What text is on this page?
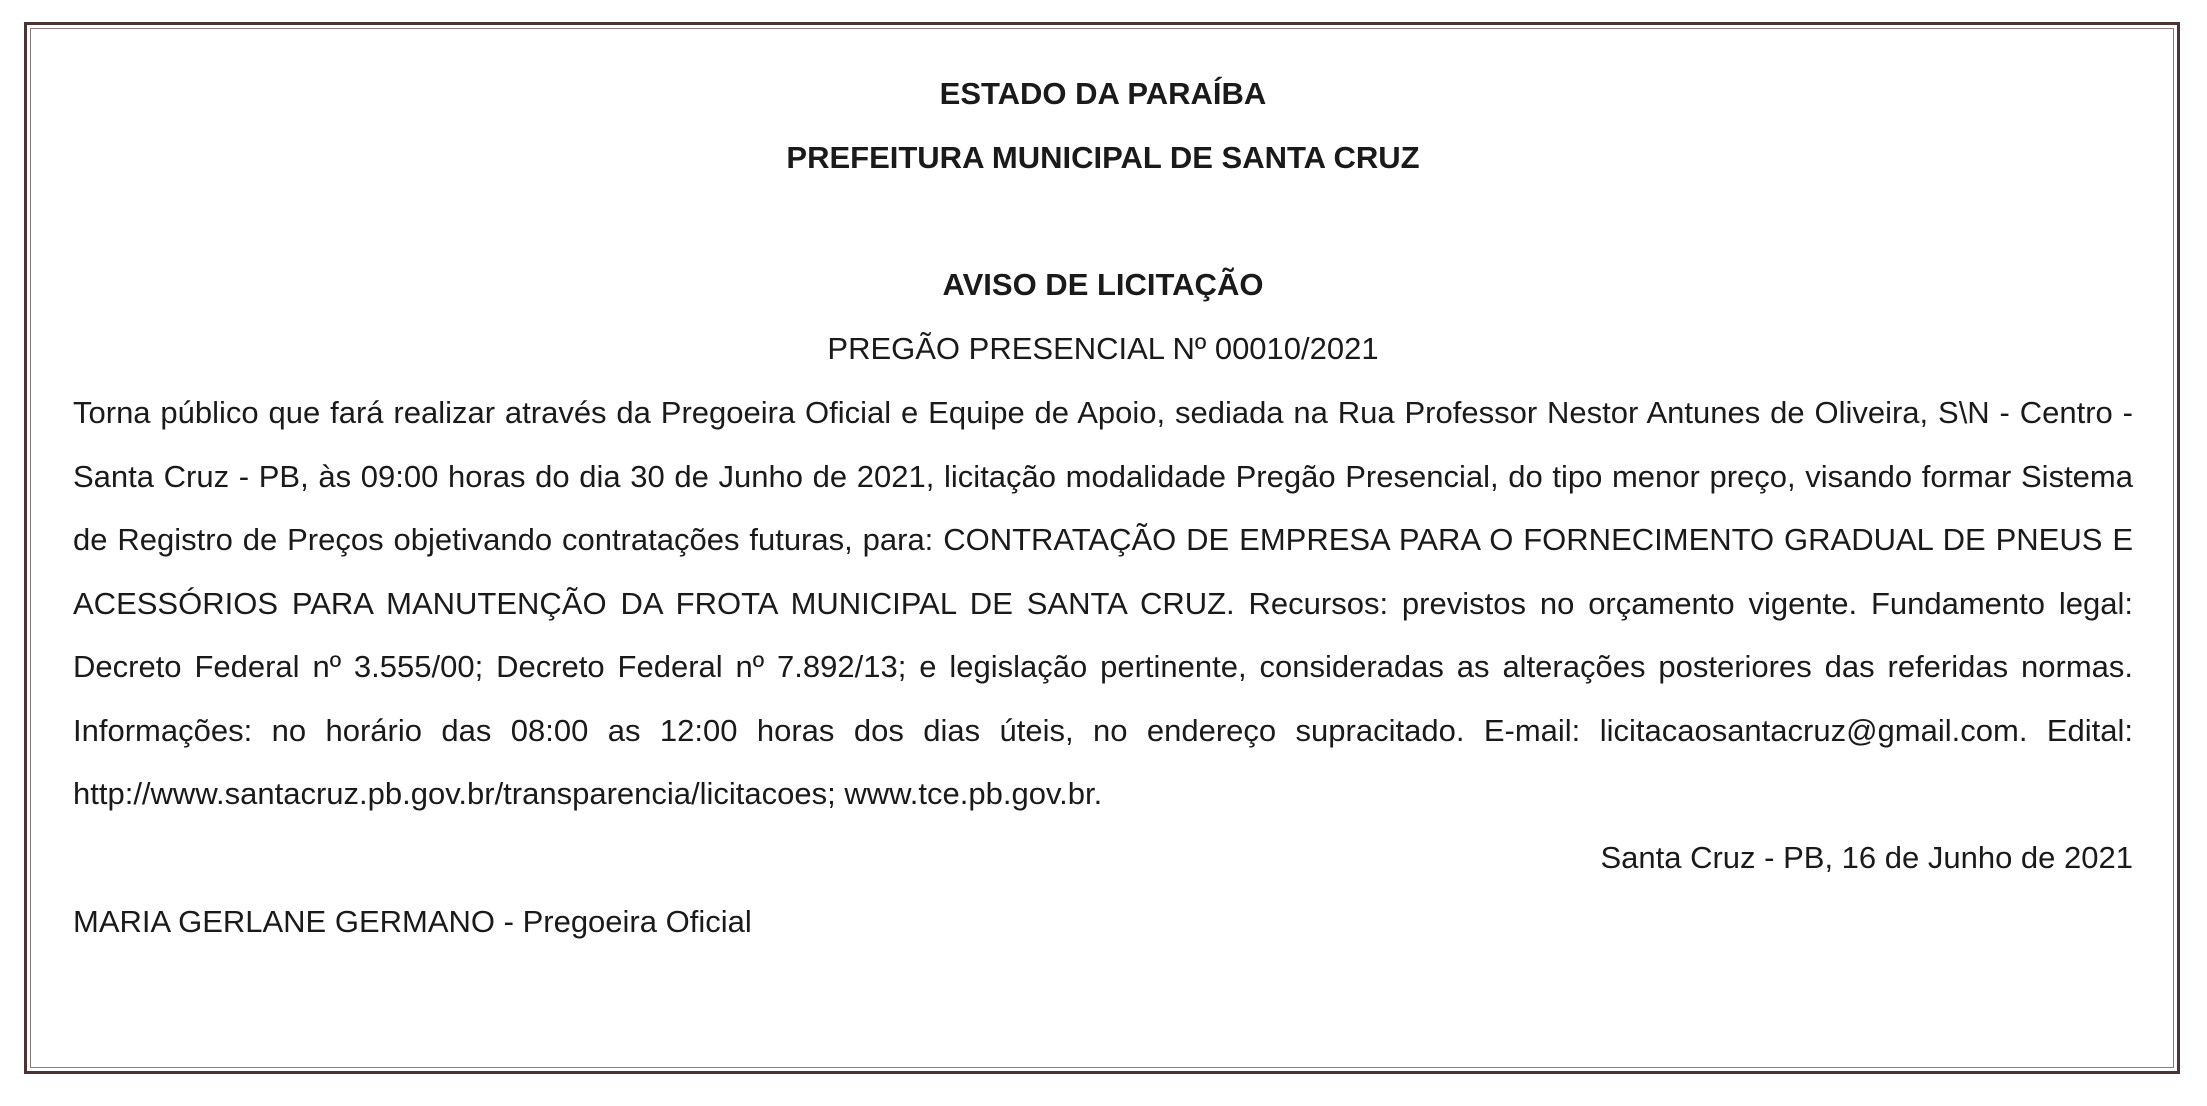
ESTADO DA PARAÍBA

PREFEITURA MUNICIPAL DE SANTA CRUZ

AVISO DE LICITAÇÃO

PREGÃO PRESENCIAL Nº 00010/2021

Torna público que fará realizar através da Pregoeira Oficial e Equipe de Apoio, sediada na Rua Professor Nestor Antunes de Oliveira, S\N - Centro - Santa Cruz - PB, às 09:00 horas do dia 30 de Junho de 2021, licitação modalidade Pregão Presencial, do tipo menor preço, visando formar Sistema de Registro de Preços objetivando contratações futuras, para: CONTRATAÇÃO DE EMPRESA PARA O FORNECIMENTO GRADUAL DE PNEUS E ACESSÓRIOS PARA MANUTENÇÃO DA FROTA MUNICIPAL DE SANTA CRUZ. Recursos: previstos no orçamento vigente. Fundamento legal: Decreto Federal nº 3.555/00; Decreto Federal nº 7.892/13; e legislação pertinente, consideradas as alterações posteriores das referidas normas. Informações: no horário das 08:00 as 12:00 horas dos dias úteis, no endereço supracitado. E-mail: licitacaosantacruz@gmail.com. Edital: http://www.santacruz.pb.gov.br/transparencia/licitacoes; www.tce.pb.gov.br.

Santa Cruz - PB, 16 de Junho de 2021

MARIA GERLANE GERMANO - Pregoeira Oficial
